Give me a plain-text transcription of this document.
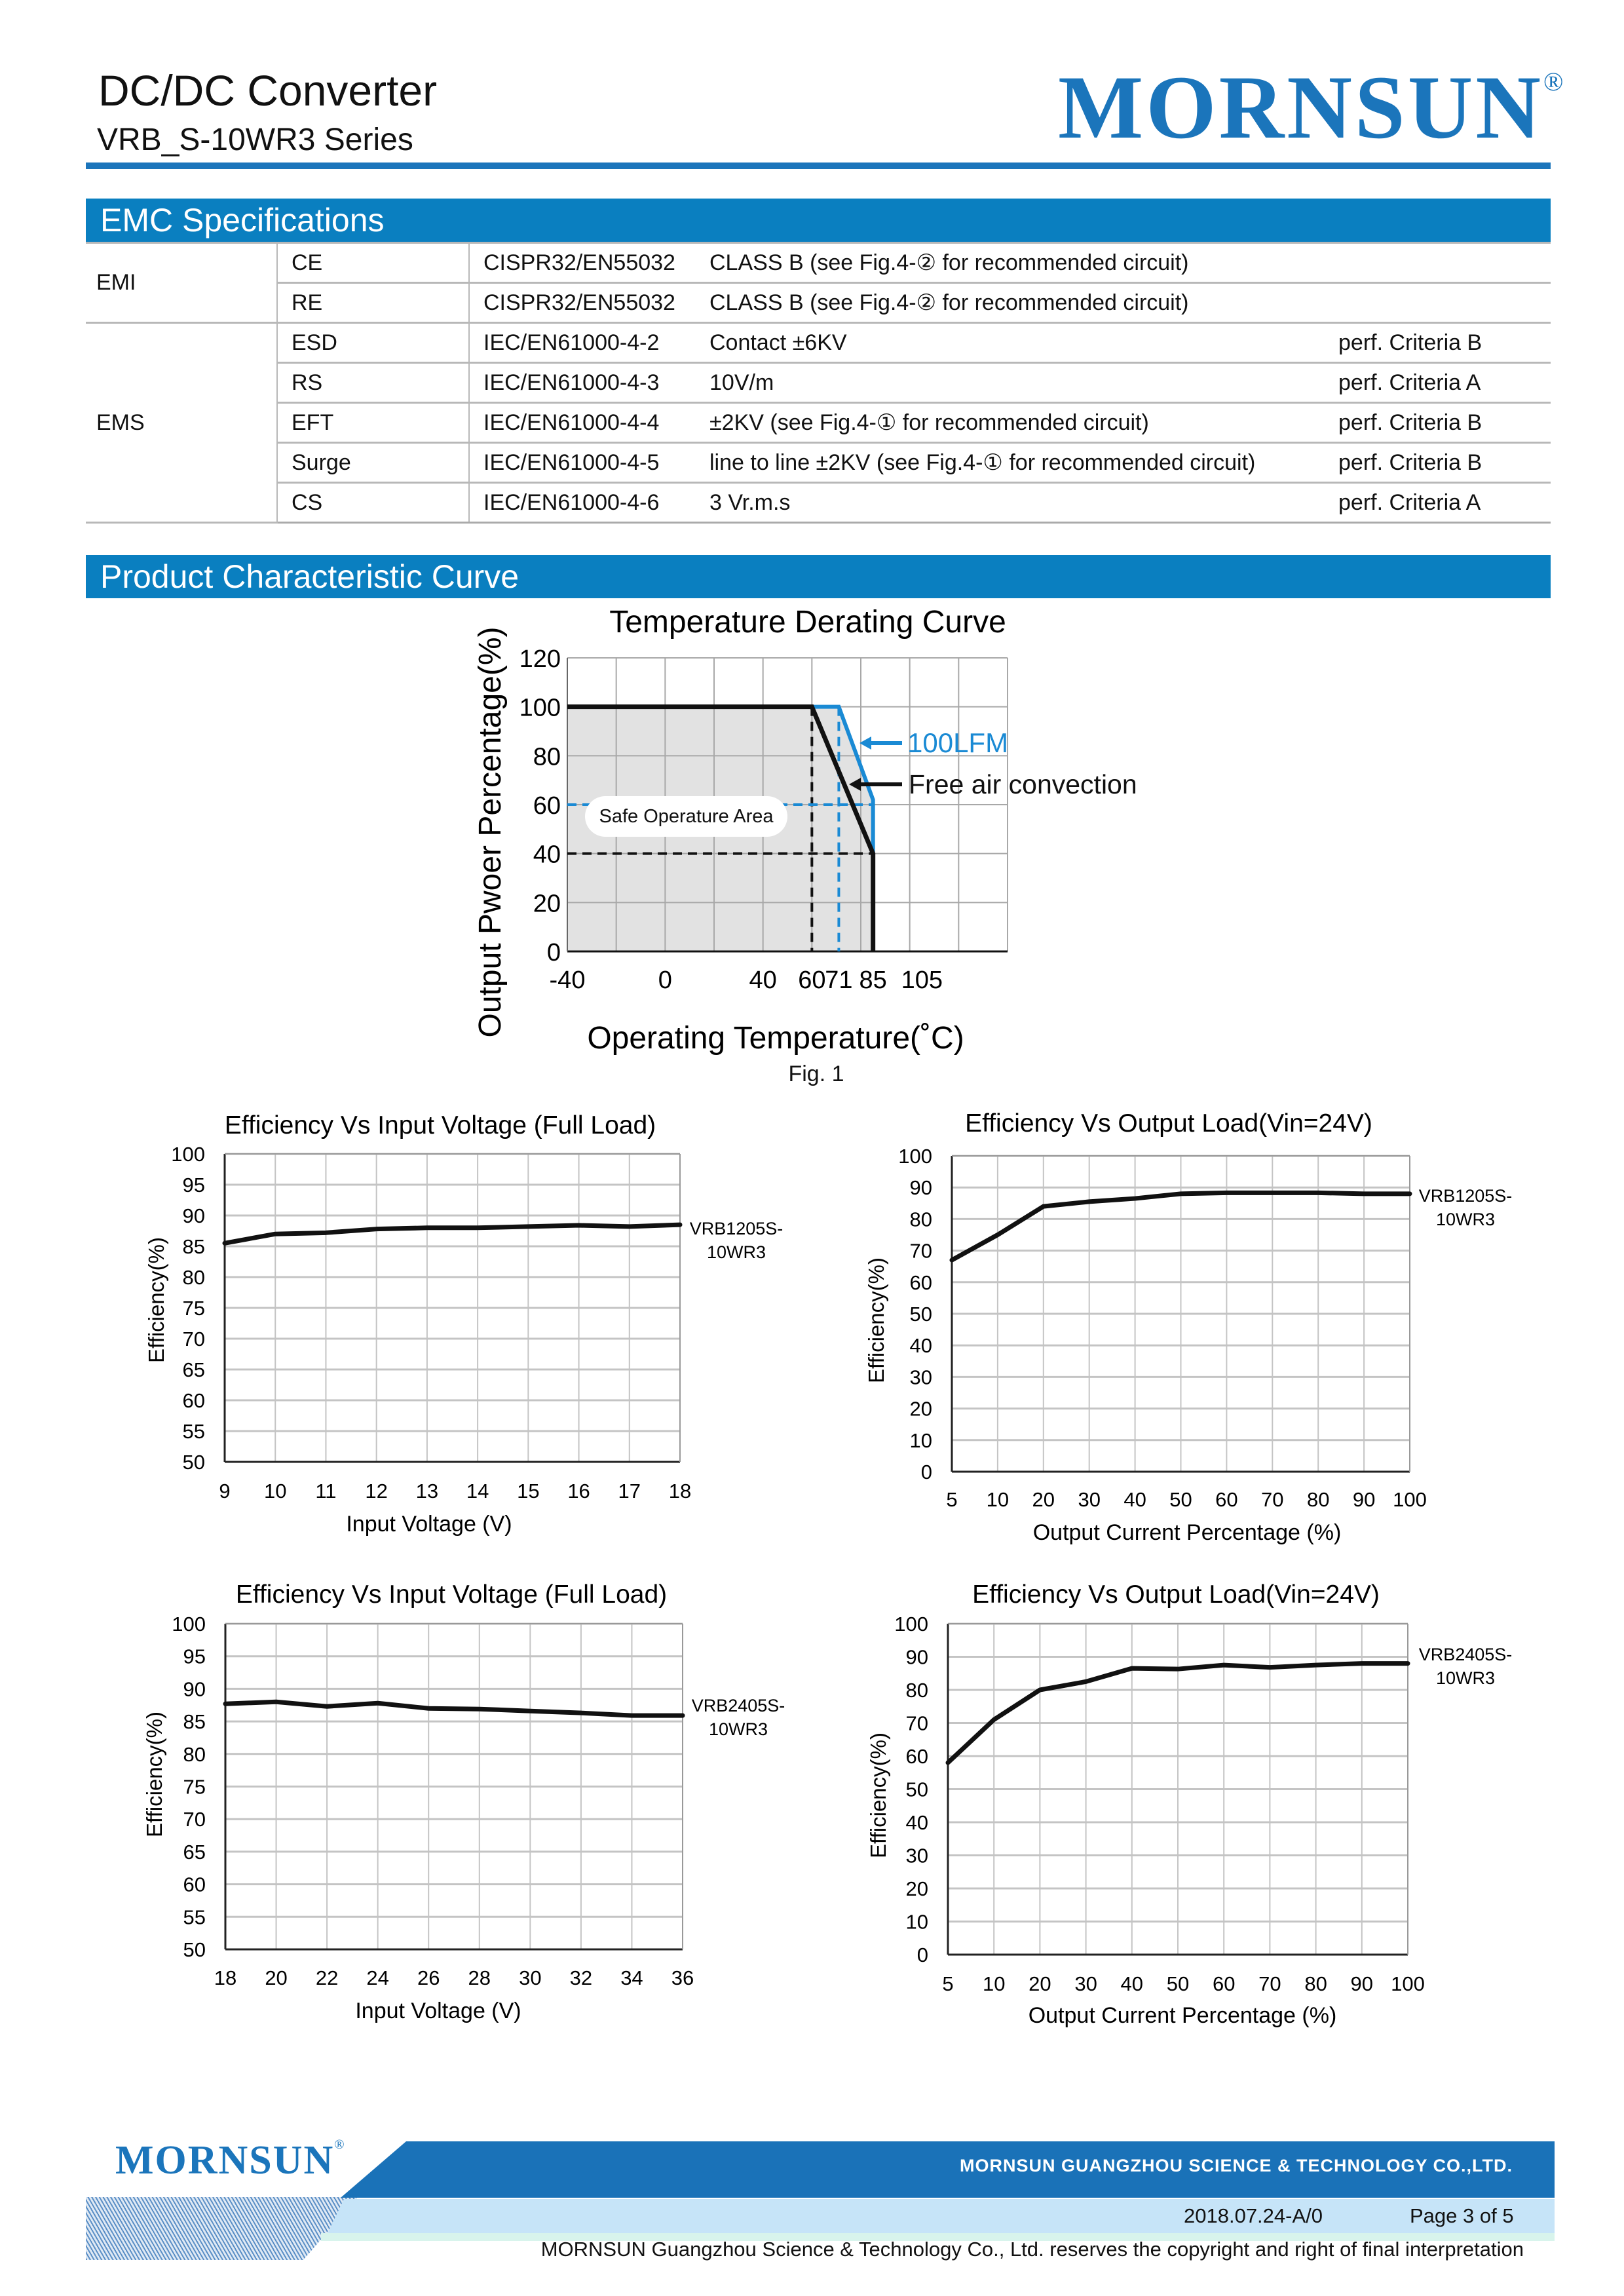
DC/DC Converter
VRB_S-10WR3 Series	MORNSUN®
EMC Specifications
EMI	CE	CISPR32/EN55032	CLASS B (see Fig.4-② for recommended circuit)	
	RE	CISPR32/EN55032	CLASS B (see Fig.4-② for recommended circuit)	
EMS	ESD	IEC/EN61000-4-2	Contact ±6KV	perf. Criteria B
	RS	IEC/EN61000-4-3	10V/m	perf. Criteria A
	EFT	IEC/EN61000-4-4	±2KV (see Fig.4-① for recommended circuit)	perf. Criteria B
	Surge	IEC/EN61000-4-5	line to line ±2KV (see Fig.4-① for recommended circuit)	perf. Criteria B
	CS	IEC/EN61000-4-6	3 Vr.m.s	perf. Criteria A
Product Characteristic Curve
100LFM
Free air convection
0
20
40
60
80
100
120
-40	0	40 60
71 85 105
Temperature Derating Curve
Operating Temperature(˚C)
Output Pwoer Percentage(%)
9 10 11 12 13 14 15 16 17 18
50
55
60
65
70
75
80
85
90
95
100
Efficiency Vs Input Voltage (Full Load)
Input Voltage (V)
Efficiency(%)
VRB1205S-
10WR3
5 10 20 30 40 50 60 70 80 90 100
0
10
20
30
40
50
60
70
80
90
100
Efficiency Vs Output Load(Vin=24V)
Output Current Percentage (%)
Efficiency(%)
VRB1205S-
10WR3
18 20 22 24 26 28 30 32 34 36
50
55
60
65
70
75
80
85
90
95
100
Efficiency Vs Input Voltage (Full Load)
Input Voltage (V)
Efficiency(%)
VRB2405S-
10WR3
5 10 20 30 40 50 60 70 80 90 100
0
10
20
30
40
50
60
70
80
90
100
Efficiency Vs Output Load(Vin=24V)
Output Current Percentage (%)
Efficiency(%)
VRB2405S-
10WR3
Safe Operature Area
Fig. 1
MORNSUN®
MORNSUN GUANGZHOU SCIENCE & TECHNOLOGY CO.,LTD.
2018.07.24-A/0	Page 3 of 5
MORNSUN Guangzhou Science & Technology Co., Ltd. reserves the copyright and right of final interpretation
